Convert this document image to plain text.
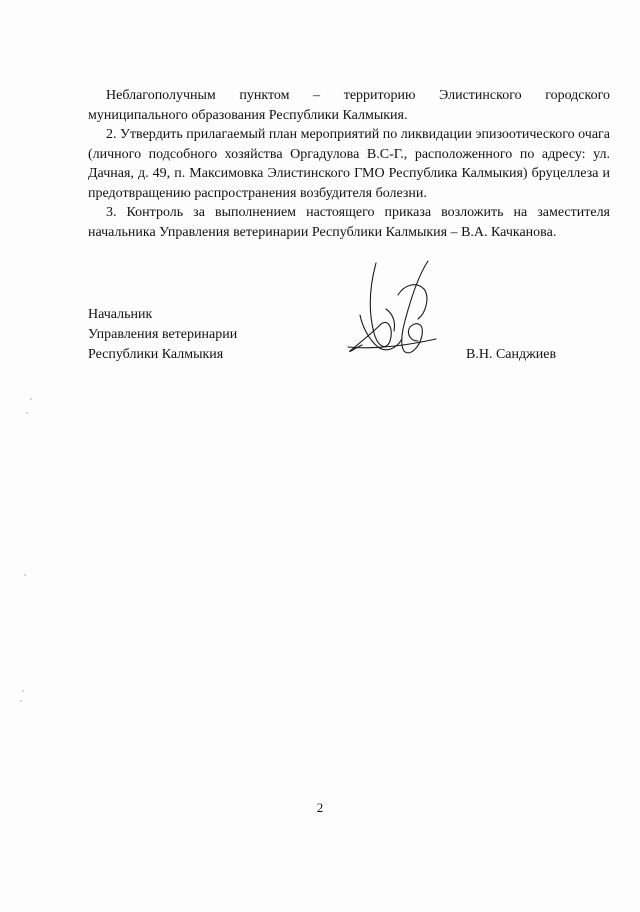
Неблагополучным пунктом – территорию Элистинского городского муниципального образования Республики Калмыкия.

2. Утвердить прилагаемый план мероприятий по ликвидации эпизоотического очага (личного подсобного хозяйства Оргадулова В.С-Г., расположенного по адресу: ул. Дачная, д. 49, п. Максимовка Элистинского ГМО Республика Калмыкия) бруцеллеза и предотвращению распространения возбудителя болезни.

3. Контроль за выполнением настоящего приказа возложить на заместителя начальника Управления ветеринарии Республики Калмыкия – В.А. Качканова.

Начальник
Управления ветеринарии
Республики Калмыкия	В.Н. Санджиев
2
